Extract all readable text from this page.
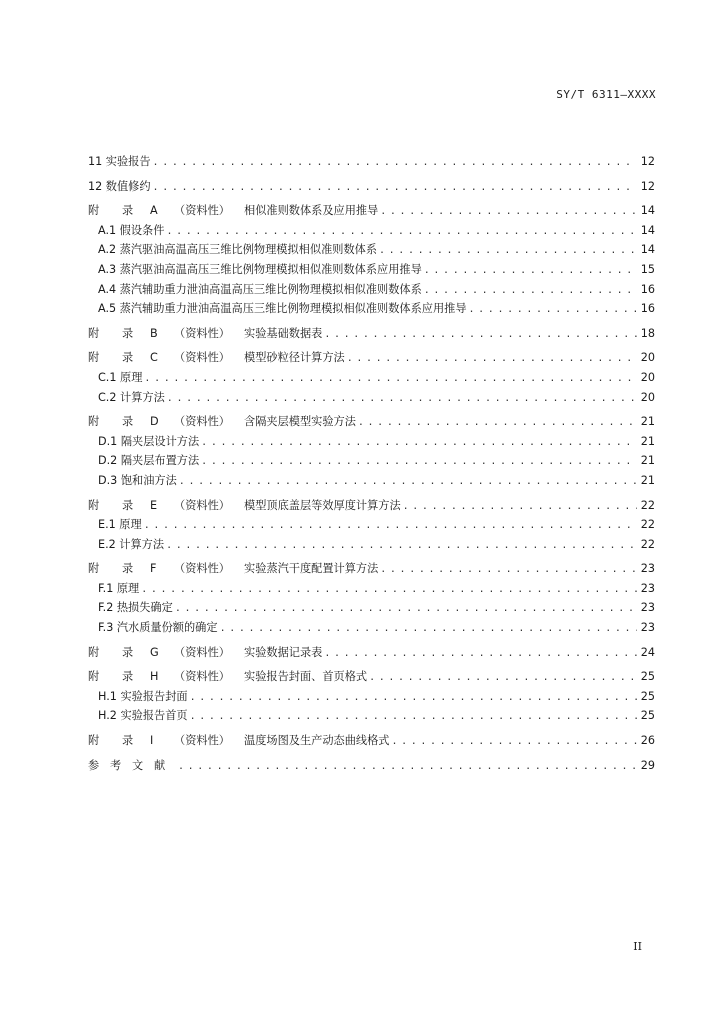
SY/T 6311—XXXX
11 实验报告 . . .	12
12 数值修约 . . .	12
附 录 A （资料性） 相似准则数体系及应用推导 . . .	14
A.1 假设条件 . . .	14
A.2 蒸汽驱油高温高压三维比例物理模拟相似准则数体系 . . .	14
A.3 蒸汽驱油高温高压三维比例物理模拟相似准则数体系应用推导 . . .	15
A.4 蒸汽辅助重力泄油高温高压三维比例物理模拟相似准则数体系 . . .	16
A.5 蒸汽辅助重力泄油高温高压三维比例物理模拟相似准则数体系应用推导 . . .	16
附 录 B （资料性） 实验基础数据表 . . .	18
附 录 C （资料性） 模型砂粒径计算方法 . . .	20
C.1 原理 . . .	20
C.2 计算方法 . . .	20
附 录 D （资料性） 含隔夹层模型实验方法 . . .	21
D.1 隔夹层设计方法 . . .	21
D.2 隔夹层布置方法 . . .	21
D.3 饱和油方法 . . .	21
附 录 E （资料性） 模型顶底盖层等效厚度计算方法 . . .	22
E.1 原理 . . .	22
E.2 计算方法 . . .	22
附 录 F （资料性） 实验蒸汽干度配置计算方法 . . .	23
F.1 原理 . . .	23
F.2 热损失确定 . . .	23
F.3 汽水质量份额的确定 . . .	23
附 录 G （资料性） 实验数据记录表 . . .	24
附 录 H （资料性） 实验报告封面、首页格式 . . .	25
H.1 实验报告封面 . . .	25
H.2 实验报告首页 . . .	25
附 录 I （资料性） 温度场图及生产动态曲线格式 . . .	26
参 考 文 献 . . .	29
II
